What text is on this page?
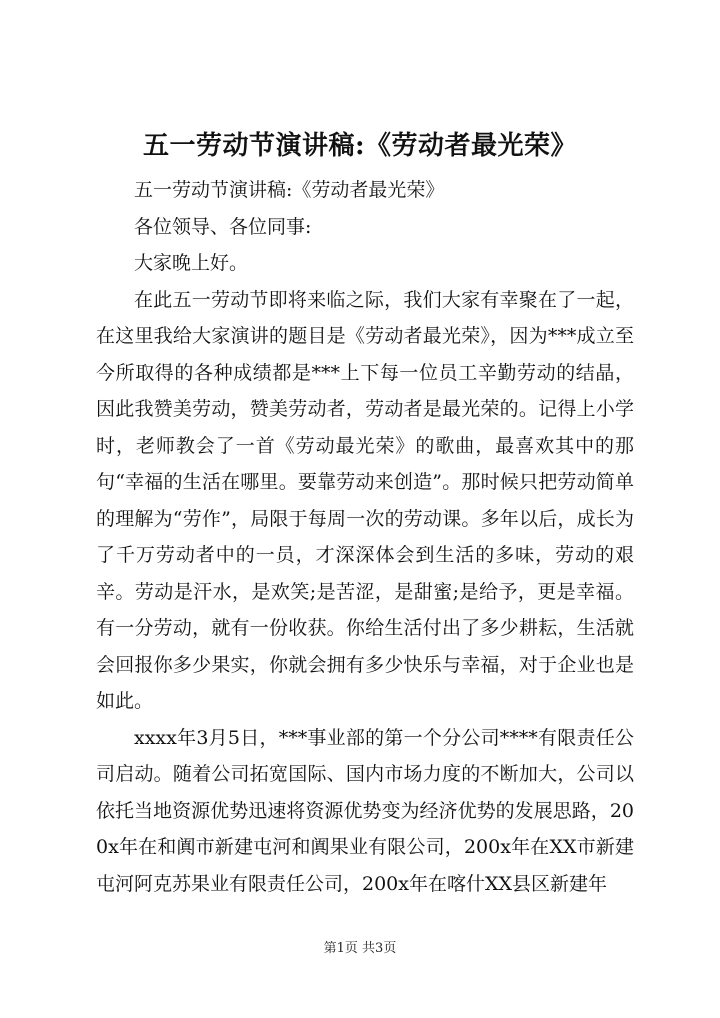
五一劳动节演讲稿:《劳动者最光荣》

五一劳动节演讲稿:《劳动者最光荣》

各位领导、各位同事:

大家晚上好。

在此五一劳动节即将来临之际，我们大家有幸聚在了一起，在这里我给大家演讲的题目是《劳动者最光荣》，因为***成立至今所取得的各种成绩都是***上下每一位员工辛勤劳动的结晶，因此我赞美劳动，赞美劳动者，劳动者是最光荣的。记得上小学时，老师教会了一首《劳动最光荣》的歌曲，最喜欢其中的那句“幸福的生活在哪里。要靠劳动来创造”。那时候只把劳动简单的理解为“劳作”，局限于每周一次的劳动课。多年以后，成长为了千万劳动者中的一员，才深深体会到生活的多味，劳动的艰辛。劳动是汗水，是欢笑;是苦涩，是甜蜜;是给予，更是幸福。有一分劳动，就有一份收获。你给生活付出了多少耕耘，生活就会回报你多少果实，你就会拥有多少快乐与幸福，对于企业也是如此。

xxxx年3月5日，***事业部的第一个分公司****有限责任公司启动。随着公司拓宽国际、国内市场力度的不断加大，公司以依托当地资源优势迅速将资源优势变为经济优势的发展思路，200x年在和阗市新建屯河和阗果业有限公司，200x年在XX市新建屯河阿克苏果业有限责任公司，200x年在喀什XX县区新建年

第1页 共3页
